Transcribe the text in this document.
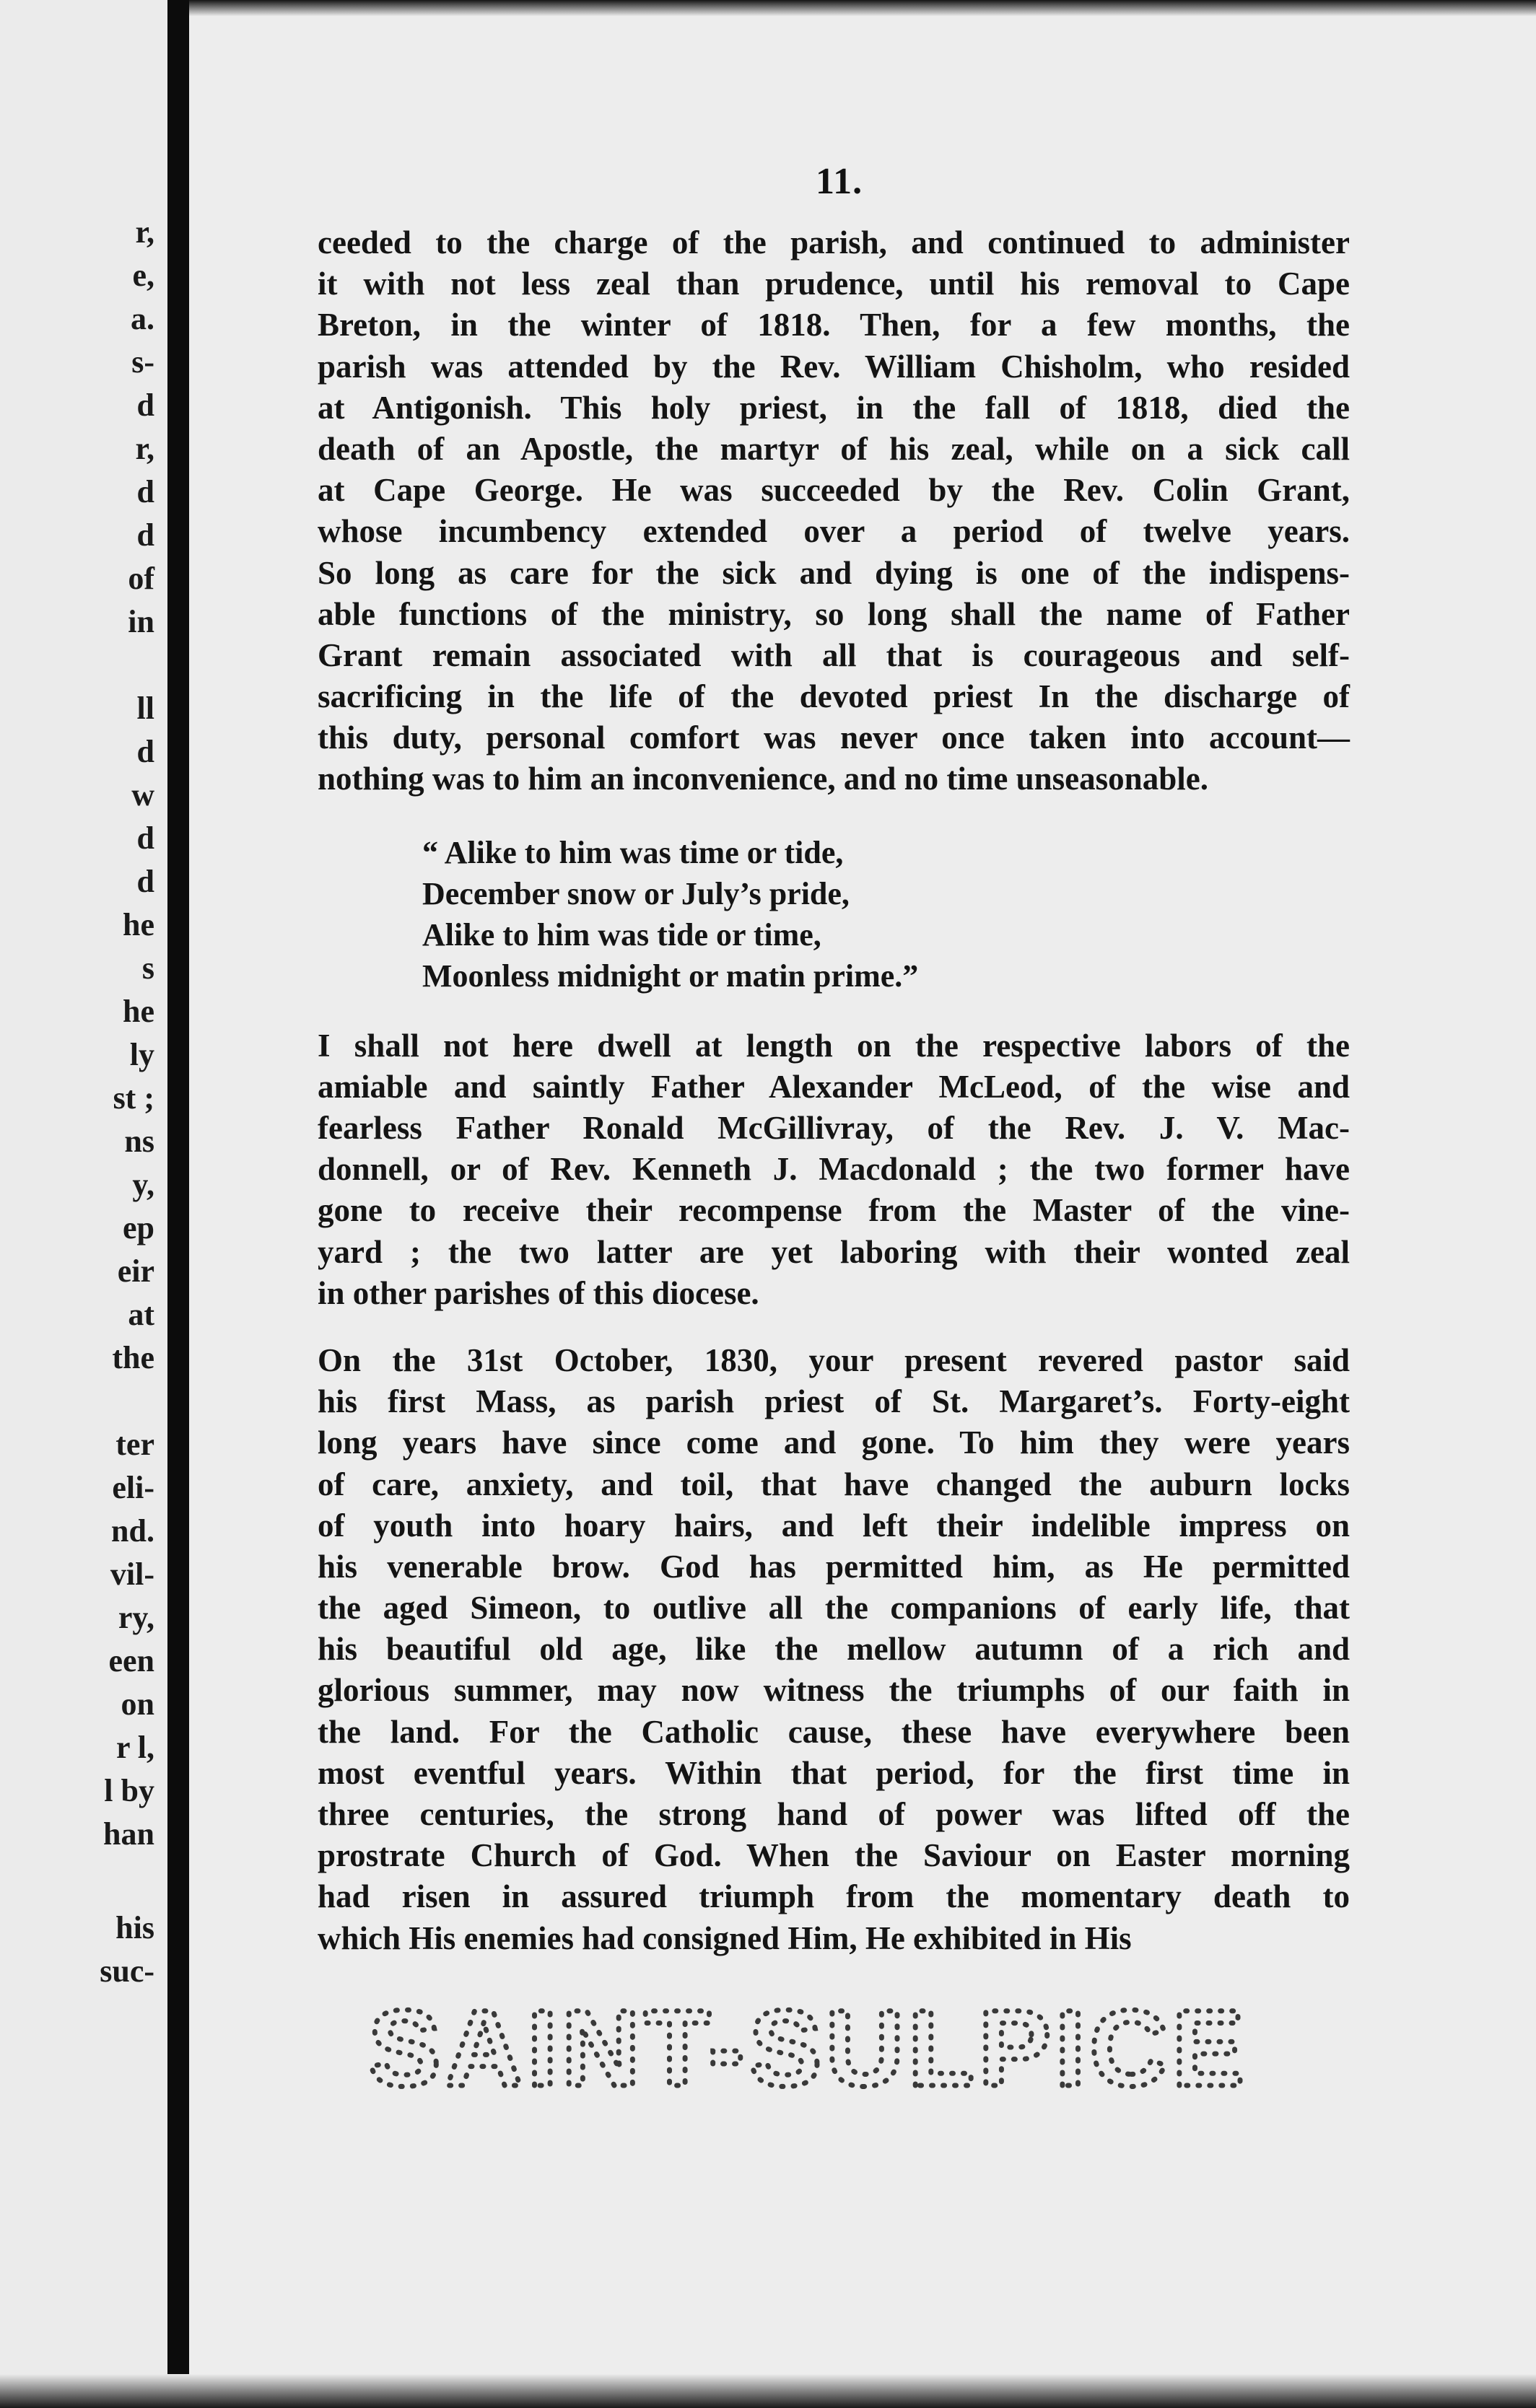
r,
e,
a.
s-
d
r,
d
d
of
in
ll
d
w
d
d
he
s
he
ly
st ;
ns
y,
ep
eir
at
the
ter
eli-
nd.
vil-
ry,
een
on
r l,
l by
han
his
suc-
11.
ceeded to the charge of the parish, and continued to administer
it with not less zeal than prudence, until his removal to Cape
Breton, in the winter of 1818. Then, for a few months, the
parish was attended by the Rev. William Chisholm, who resided
at Antigonish. This holy priest, in the fall of 1818, died the
death of an Apostle, the martyr of his zeal, while on a sick call
at Cape George. He was succeeded by the Rev. Colin Grant,
whose incumbency extended over a period of twelve years.
So long as care for the sick and dying is one of the indispens-
able functions of the ministry, so long shall the name of Father
Grant remain associated with all that is courageous and self-
sacrificing in the life of the devoted priest In the discharge of
this duty, personal comfort was never once taken into account—
nothing was to him an inconvenience, and no time unseasonable.
“ Alike to him was time or tide,
December snow or July’s pride,
Alike to him was tide or time,
Moonless midnight or matin prime.”
I shall not here dwell at length on the respective labors of the
amiable and saintly Father Alexander McLeod, of the wise and
fearless Father Ronald McGillivray, of the Rev. J. V. Mac-
donnell, or of Rev. Kenneth J. Macdonald ; the two former have
gone to receive their recompense from the Master of the vine-
yard ; the two latter are yet laboring with their wonted zeal
in other parishes of this diocese.
On the 31st October, 1830, your present revered pastor said
his first Mass, as parish priest of St. Margaret’s. Forty-eight
long years have since come and gone. To him they were years
of care, anxiety, and toil, that have changed the auburn locks
of youth into hoary hairs, and left their indelible impress on
his venerable brow. God has permitted him, as He permitted
the aged Simeon, to outlive all the companions of early life, that
his beautiful old age, like the mellow autumn of a rich and
glorious summer, may now witness the triumphs of our faith in
the land. For the Catholic cause, these have everywhere been
most eventful years. Within that period, for the first time in
three centuries, the strong hand of power was lifted off the
prostrate Church of God. When the Saviour on Easter morning
had risen in assured triumph from the momentary death to
which His enemies had consigned Him, He exhibited in His
SAINT-SULPICE
